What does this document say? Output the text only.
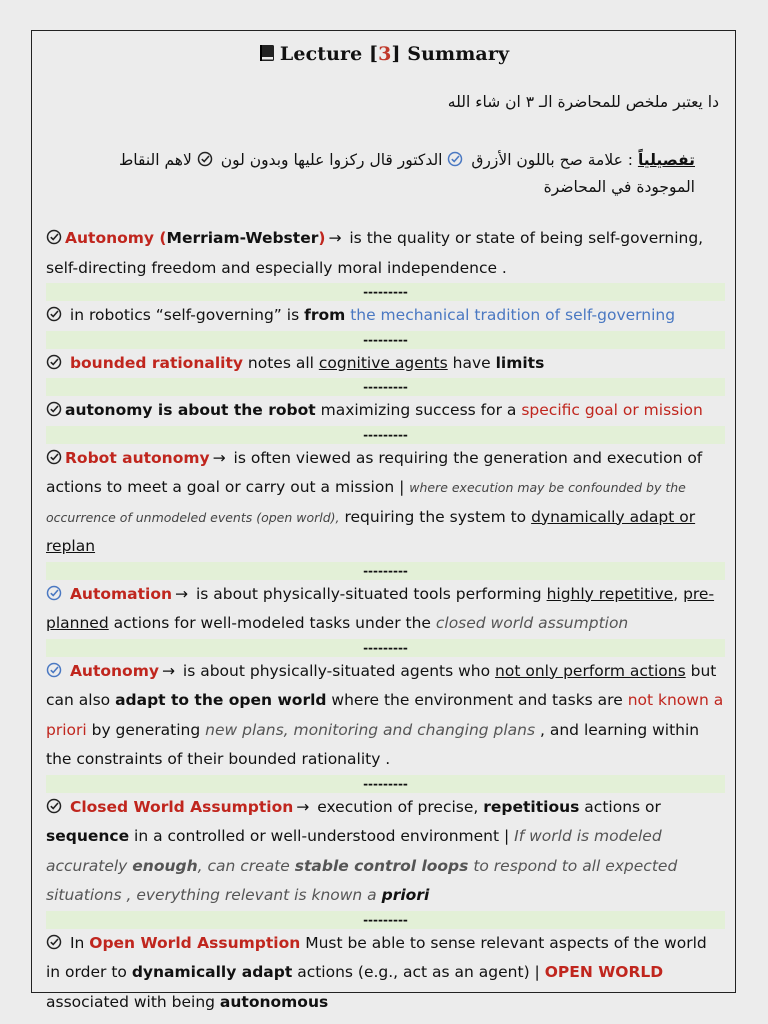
Lecture [3] Summary
دا يعتبر ملخص للمحاضرة الـ ٣ ان شاء الله
تفصيلياً : علامة صح باللون الأزرق  الدكتور قال ركزوا عليها وبدون لون  لاهم النقاط الموجودة في المحاضرة

Autonomy (Merriam-Webster) → is the quality or state of being self-governing, self-directing freedom and especially moral independence .

---------

in robotics “self-governing” is from the mechanical tradition of self-governing

---------

bounded rationality notes all cognitive agents have limits

---------

autonomy is about the robot maximizing success for a specific goal or mission

---------

Robot autonomy → is often viewed as requiring the generation and execution of actions to meet a goal or carry out a mission | where execution may be confounded by the occurrence of unmodeled events (open world), requiring the system to dynamically adapt or replan

---------

Automation → is about physically-situated tools performing highly repetitive, pre-planned actions for well-modeled tasks under the closed world assumption

---------

Autonomy → is about physically-situated agents who not only perform actions but can also adapt to the open world where the environment and tasks are not known a priori by generating new plans, monitoring and changing plans , and learning within the constraints of their bounded rationality .

---------

Closed World Assumption → execution of precise, repetitious actions or sequence in a controlled or well-understood environment | If world is modeled accurately enough, can create stable control loops to respond to all expected situations , everything relevant is known a priori

---------

In Open World Assumption Must be able to sense relevant aspects of the world in order to dynamically adapt actions (e.g., act as an agent) | OPEN WORLD associated with being autonomous
